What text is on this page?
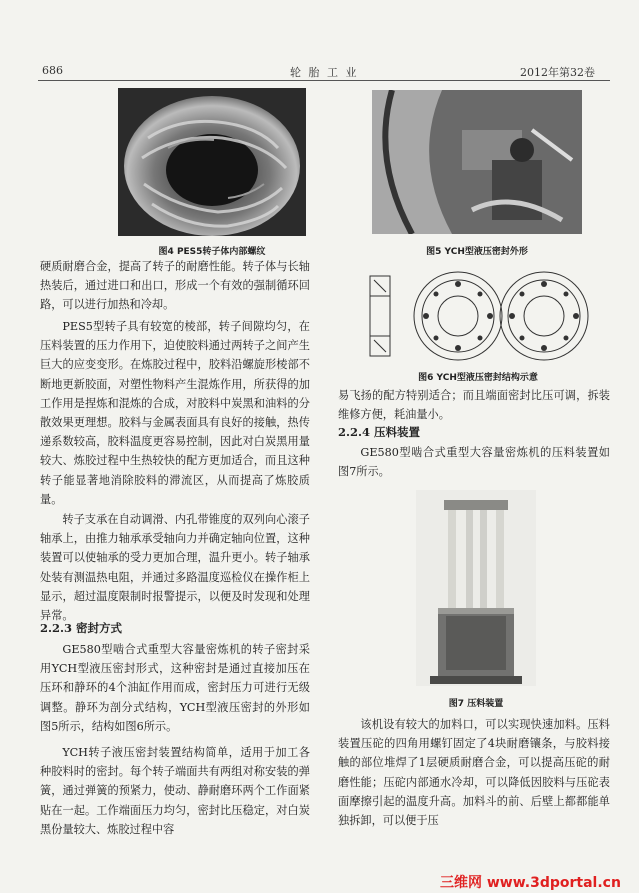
686	轮 胎 工 业	2012年第32卷
图4 PES5转子体内部螺纹	图5 YCH型液压密封外形
图6 YCH型液压密封结构示意

硬质耐磨合金，提高了转子的耐磨性能。转子体与长轴热装后，通过进口和出口，形成一个有效的强制循环回路，可以进行加热和冷却。

PES5型转子具有较宽的棱部，转子间隙均匀，在压料装置的压力作用下，迫使胶料通过两转子之间产生巨大的应变变形。在炼胶过程中，胶料沿螺旋形棱部不断地更新胶面，对塑性物料产生混炼作用，所获得的加工作用是捏炼和混炼的合成，对胶料中炭黑和油料的分散效果更理想。胶料与金属表面具有良好的接触，热传递系数较高，胶料温度更容易控制，因此对白炭黑用量较大、炼胶过程中生热较快的配方更加适合，而且这种转子能显著地消除胶料的滞流区，从而提高了炼胶质量。

转子支承在自动调滑、内孔带锥度的双列向心滚子轴承上，由推力轴承承受轴向力并确定轴向位置，这种装置可以使轴承的受力更加合理，温升更小。转子轴承处装有测温热电阻，并通过多路温度巡检仪在操作柜上显示，超过温度限制时报警提示，以便及时发现和处理异常。

2.2.3 密封方式

GE580型啮合式重型大容量密炼机的转子密封采用YCH型液压密封形式，这种密封是通过直接加压在压环和静环的4个油缸作用而成，密封压力可进行无级调整。静环为剖分式结构，YCH型液压密封的外形如图5所示，结构如图6所示。

YCH转子液压密封装置结构简单，适用于加工各种胶料时的密封。每个转子端面共有两组对称安装的弹簧，通过弹簧的预紧力，使动、静耐磨环两个工作面紧贴在一起。工作端面压力均匀，密封比压稳定，对白炭黑份量较大、炼胶过程中容

易飞扬的配方特别适合；而且端面密封比压可调，拆装维修方便，耗油量小。

2.2.4 压料装置

GE580型啮合式重型大容量密炼机的压料装置如图7所示。

图7 压料装置

该机设有较大的加料口，可以实现快速加料。压料装置压砣的四角用螺钉固定了4块耐磨镶条，与胶料接触的部位堆焊了1层硬质耐磨合金，可以提高压砣的耐磨性能；压砣内部通水冷却，可以降低因胶料与压砣表面摩擦引起的温度升高。加料斗的前、后壁上都都能单独拆卸，可以便于压

三维网 www.3dportal.cn
